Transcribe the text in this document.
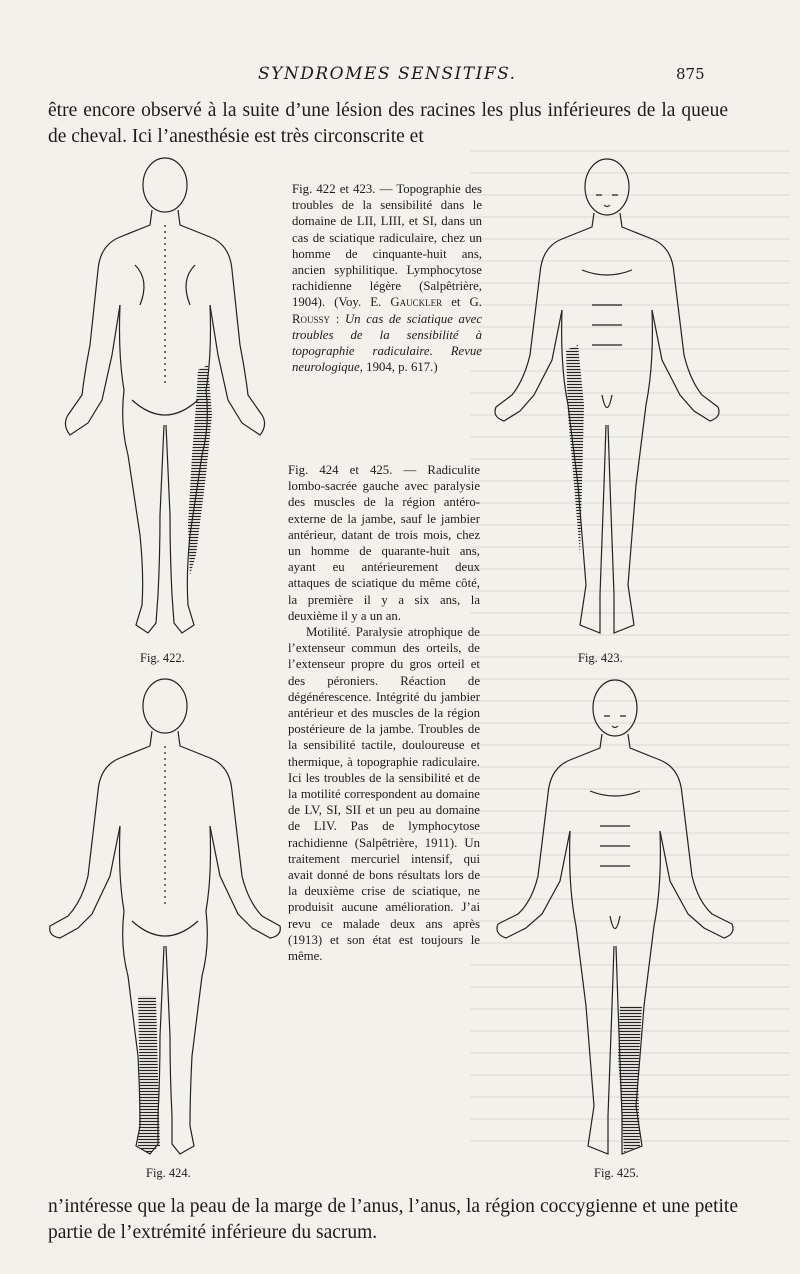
SYNDROMES SENSITIFS.	875
être encore observé à la suite d’une lésion des racines les plus inférieures de la queue de cheval. Ici l’anesthésie est très circonscrite et
Fig. 422.	Fig. 423.
Fig. 424.	Fig. 425.
Fig. 422 et 423. — Topographie des troubles de la sensibilité dans le domaine de LII, LIII, et SI, dans un cas de sciatique radiculaire, chez un homme de cinquante-huit ans, ancien syphilitique. Lymphocytose rachidienne légère (Salpêtrière, 1904). (Voy. E. Gauckler et G. Roussy : Un cas de sciatique avec troubles de la sensibilité à topographie radiculaire. Revue neurologique, 1904, p. 617.)
Fig. 424 et 425. — Radiculite lombo-sacrée gauche avec paralysie des muscles de la région antéro-externe de la jambe, sauf le jambier antérieur, datant de trois mois, chez un homme de quarante-huit ans, ayant eu antérieurement deux attaques de sciatique du même côté, la première il y a six ans, la deuxième il y a un an.
Motilité. Paralysie atrophique de l’extenseur commun des orteils, de l’extenseur propre du gros orteil et des péroniers. Réaction de dégénérescence. Intégrité du jambier antérieur et des muscles de la région postérieure de la jambe. Troubles de la sensibilité tactile, douloureuse et thermique, à topographie radiculaire. Ici les troubles de la sensibilité et de la motilité correspondent au domaine de LV, SI, SII et un peu au domaine de LIV. Pas de lymphocytose rachidienne (Salpêtrière, 1911). Un traitement mercuriel intensif, qui avait donné de bons résultats lors de la deuxième crise de sciatique, ne produisit aucune amélioration. J’ai revu ce malade deux ans après (1913) et son état est toujours le même.
n’intéresse que la peau de la marge de l’anus, l’anus, la région coccygienne et une petite partie de l’extrémité inférieure du sacrum.
